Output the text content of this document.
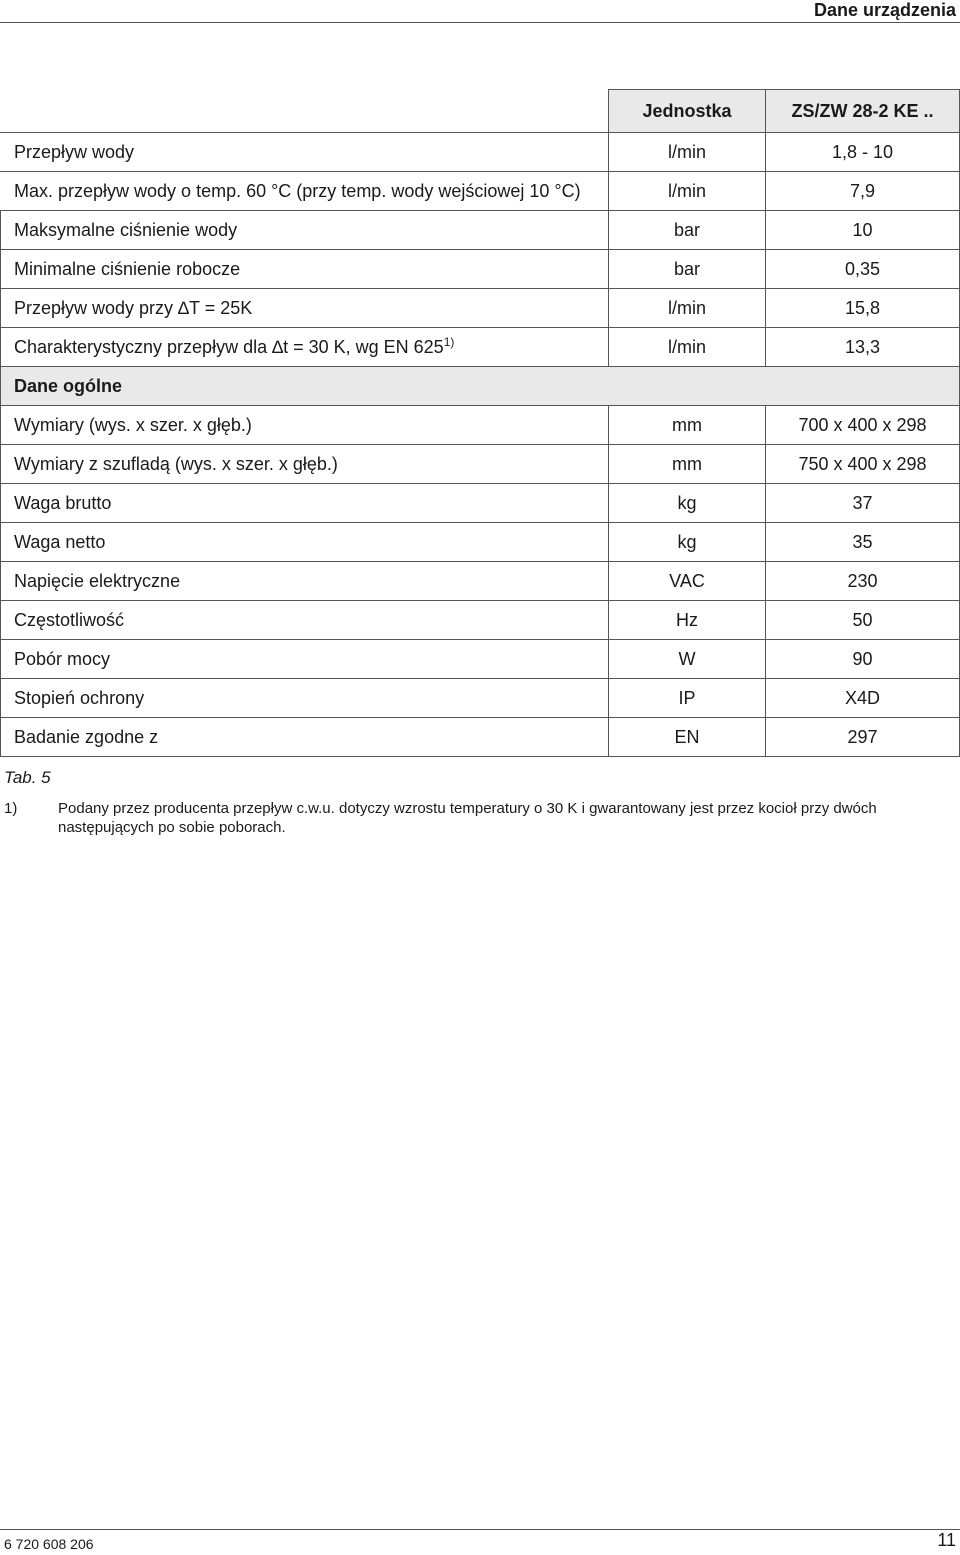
Dane urządzenia
	Jednostka	ZS/ZW 28-2 KE ..
Przepływ wody	l/min	1,8 - 10
Max. przepływ wody o temp. 60 °C (przy temp. wody wejściowej 10 °C)	l/min	7,9
Maksymalne ciśnienie wody	bar	10
Minimalne ciśnienie robocze	bar	0,35
Przepływ wody przy ∆T = 25K	l/min	15,8
Charakterystyczny przepływ dla ∆t = 30 K, wg EN 625$^{1)}$	l/min	13,3
Dane ogólne		
Wymiary (wys. x szer. x głęb.)	mm	700 x 400 x 298
Wymiary z szufladą (wys. x szer. x głęb.)	mm	750 x 400 x 298
Waga brutto	kg	37
Waga netto	kg	35
Napięcie elektryczne	VAC	230
Częstotliwość	Hz	50
Pobór mocy	W	90
Stopień ochrony	IP	X4D
Badanie zgodne z	EN	297
Tab. 5
1)	Podany przez producenta przepływ c.w.u. dotyczy wzrostu temperatury o 30 K i gwarantowany jest przez kocioł przy dwóch następujących po sobie poborach.
6 720 608 206	11
